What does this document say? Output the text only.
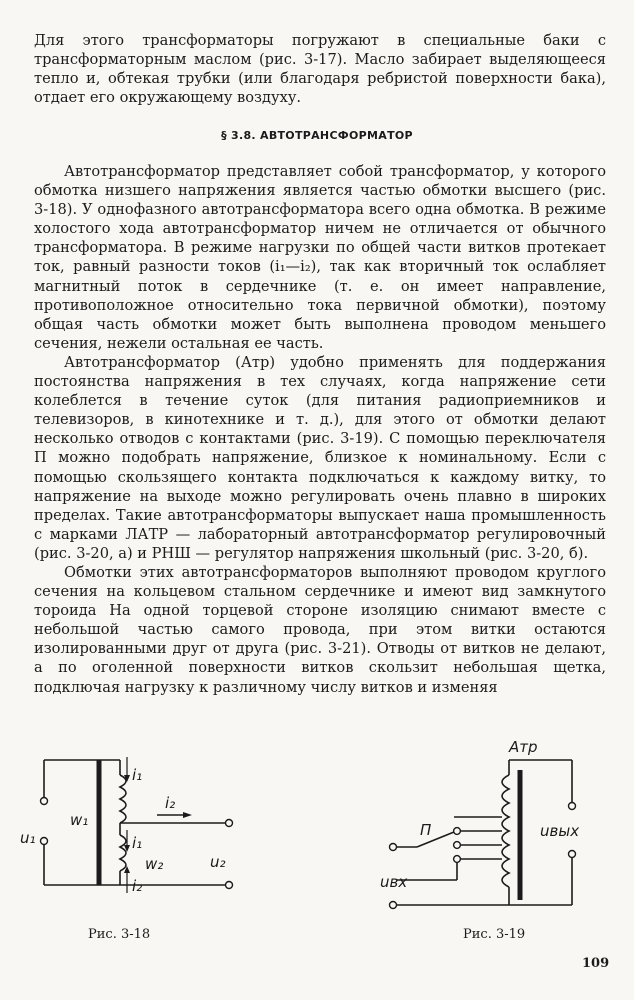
Для этого трансформаторы погружают в специальные баки с трансформаторным маслом (рис. 3-17). Масло забирает выделяющееся тепло и, обтекая трубки (или благодаря ребристой поверхности бака), отдает его окружающему воздуху.

§ 3.8. АВТОТРАНСФОРМАТОР

Автотрансформатор представляет собой трансформатор, у которого обмотка низшего напряжения является частью обмотки высшего (рис. 3-18). У однофазного автотрансформатора всего одна обмотка. В режиме холостого хода автотрансформатор ничем не отличается от обычного трансформатора. В режиме нагрузки по общей части витков протекает ток, равный разности токов (i₁—i₂), так как вторичный ток ослабляет магнитный поток в сердечнике (т. е. он имеет направление, противоположное относительно тока первичной обмотки), поэтому общая часть обмотки может быть выполнена проводом меньшего сечения, нежели остальная ее часть.

Автотрансформатор (Атр) удобно применять для поддержания постоянства напряжения в тех случаях, когда напряжение сети колеблется в течение суток (для питания радиоприемников и телевизоров, в кинотехнике и т. д.), для этого от обмотки делают несколько отводов с контактами (рис. 3-19). С помощью переключателя П можно подобрать напряжение, близкое к номинальному. Если с помощью скользящего контакта подключаться к каждому витку, то напряжение на выходе можно регулировать очень плавно в широких пределах. Такие автотрансформаторы выпускает наша промышленность с марками ЛАТР — лабораторный автотрансформатор регулировочный (рис. 3-20, а) и РНШ — регулятор напряжения школьный (рис. 3-20, б).

Обмотки этих автотрансформаторов выполняют проводом круглого сечения на кольцевом стальном сердечнике и имеют вид замкнутого тороида На одной торцевой стороне изоляцию снимают вместе с небольшой частью самого провода, при этом витки остаются изолированными друг от друга (рис. 3-21). Отводы от витков не делают, а по оголенной поверхности витков скользит небольшая щетка, подключая нагрузку к различному числу витков и изменяя

i₁
i₂
w₁
u₁	i₁
w₂	u₂
i₂
Атр
П	uвых
uвх
Рис. 3-18	Рис. 3-19
109
